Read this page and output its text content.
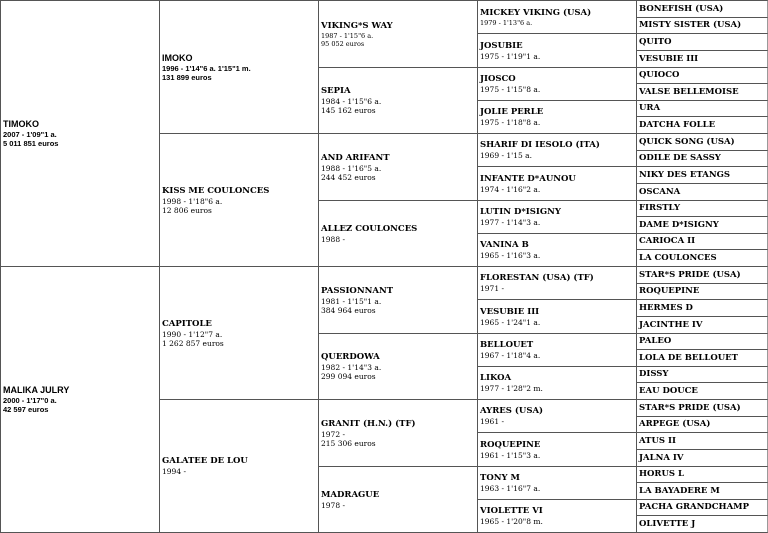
TIMOKO
2007 - 1'09"1 a.
5 011 851 euros
MALIKA JULRY
2000 - 1'17"0 a.
42 597 euros
IMOKO
1996 - 1'14"6 a. 1'15"1 m.
131 899 euros
KISS ME COULONCES
1998 - 1'18"6 a.
12 806 euros
CAPITOLE
1990 - 1'12"7 a.
1 262 857 euros
GALATEE DE LOU
1994 -
VIKING*S WAY
1987 - 1'15"6 a.
95 052 euros
SEPIA
1984 - 1'15"6 a.
145 162 euros
AND ARIFANT
1988 - 1'16"5 a.
244 452 euros
ALLEZ COULONCES
1988 -
PASSIONNANT
1981 - 1'15"1 a.
384 964 euros
QUERDOWA
1982 - 1'14"3 a.
299 094 euros
GRANIT (H.N.) (TF)
1972 -
215 306 euros
MADRAGUE
1978 -
MICKEY VIKING (USA)
1979 - 1'13"6 a.
JOSUBIE
1975 - 1'19"1 a.
JIOSCO
1975 - 1'15"8 a.
JOLIE PERLE
1975 - 1'18"8 a.
SHARIF DI IESOLO (ITA)
1969 - 1'15 a.
INFANTE D*AUNOU
1974 - 1'16"2 a.
LUTIN D*ISIGNY
1977 - 1'14"3 a.
VANINA B
1965 - 1'16"3 a.
FLORESTAN (USA) (TF)
1971 -
VESUBIE III
1965 - 1'24"1 a.
BELLOUET
1967 - 1'18"4 a.
LIKOA
1977 - 1'28"2 m.
AYRES (USA)
1961 -
ROQUEPINE
1961 - 1'15"3 a.
TONY M
1963 - 1'16"7 a.
VIOLETTE VI
1965 - 1'20"8 m.
BONEFISH (USA)
MISTY SISTER (USA)
QUITO
VESUBIE III
QUIOCO
VALSE BELLEMOISE
URA
DATCHA FOLLE
QUICK SONG (USA)
ODILE DE SASSY
NIKY DES ETANGS
OSCANA
FIRSTLY
DAME D*ISIGNY
CARIOCA II
LA COULONCES
STAR*S PRIDE (USA)
ROQUEPINE
HERMES D
JACINTHE IV
PALEO
LOLA DE BELLOUET
DISSY
EAU DOUCE
STAR*S PRIDE (USA)
ARPEGE (USA)
ATUS II
JALNA IV
HORUS L
LA BAYADERE M
PACHA GRANDCHAMP
OLIVETTE J
